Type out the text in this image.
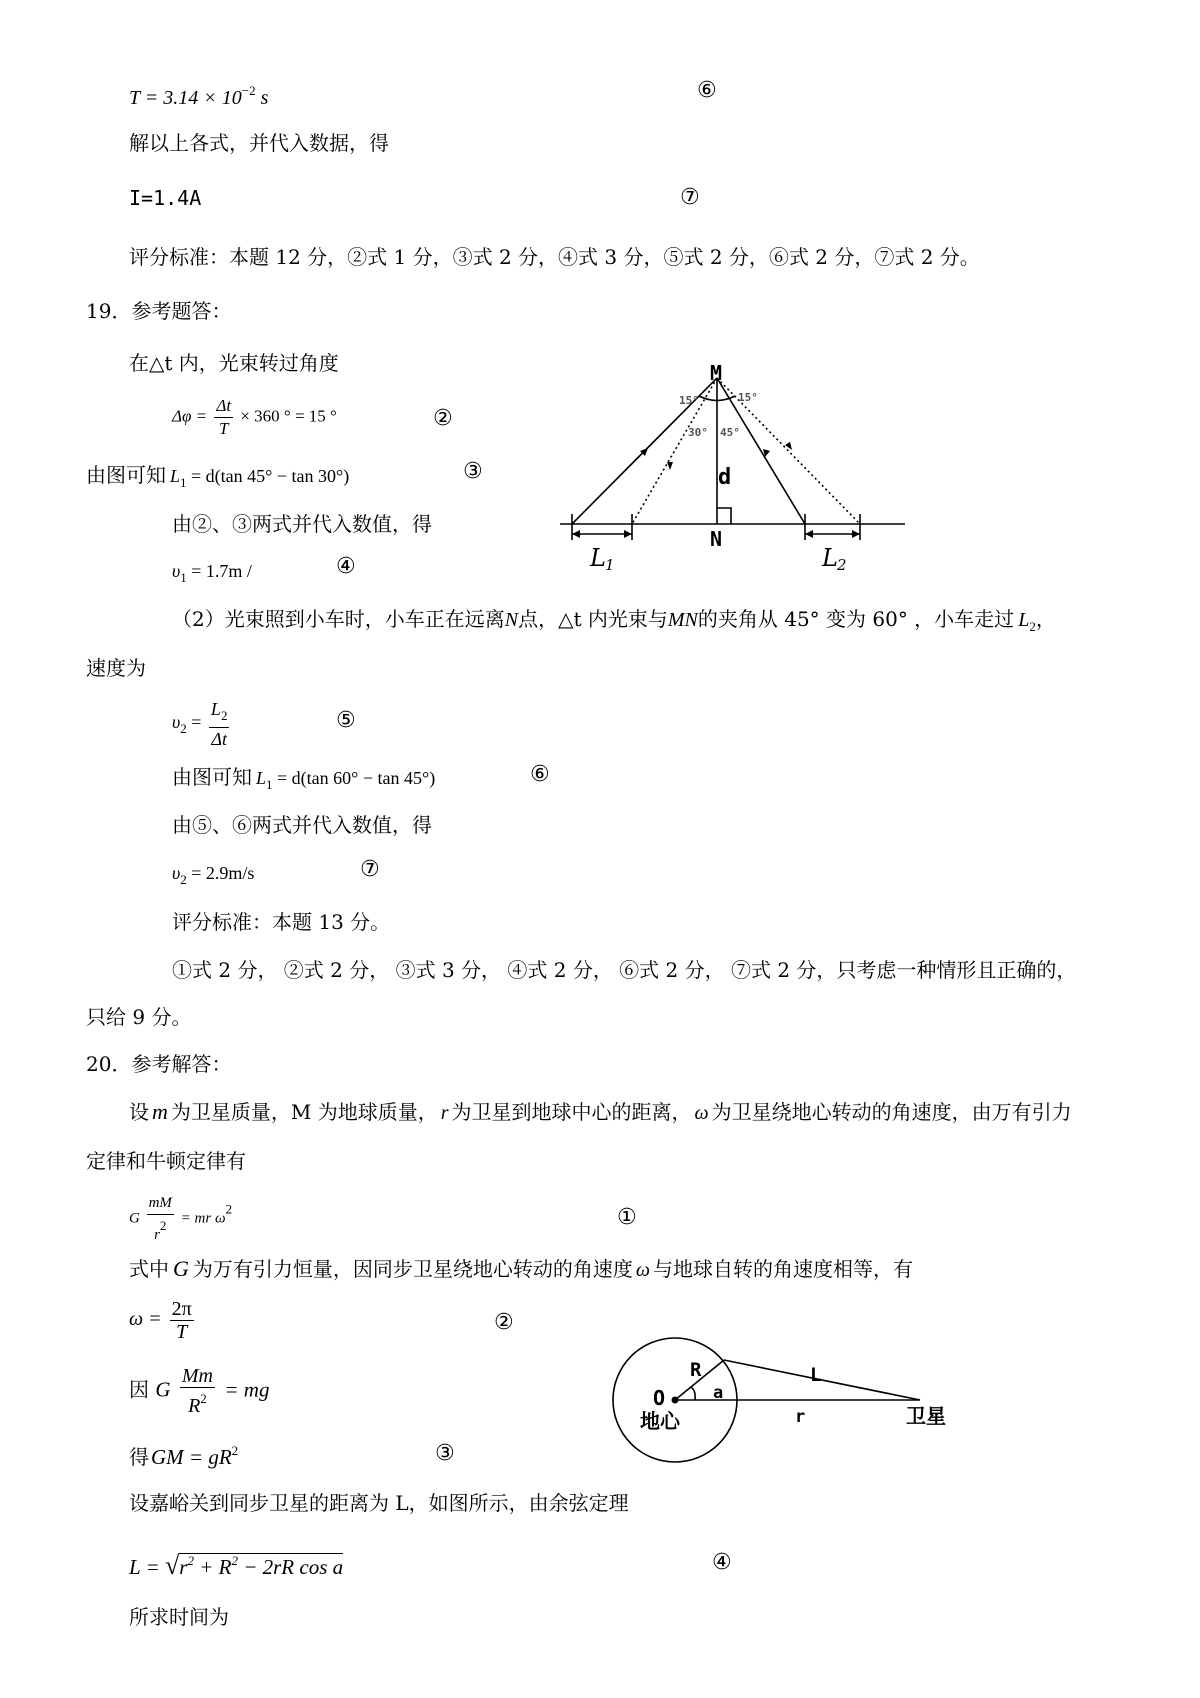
$T = 3.14 \times 10^{-2}$ s	⑥
解以上各式，并代入数据，得
I=1.4A	⑦
评分标准：本题 12 分，②式 1 分，③式 2 分，④式 3 分，⑤式 2 分，⑥式 2 分，⑦式 2 分。
19．参考题答：
在△t 内，光束转过角度
$\Delta\varphi = \frac{\Delta t}{T} \times 360$ ° = 15 °	②
由图可知 $L_1 = d(\tan$ 45° − tan 30°)	③
由②、③两式并代入数值，得
$\upsilon_1 = 1.7m$ /	④
（2）光束照到小车时，小车正在远离N点，△t 内光束与MN的夹角从 45° 变为 60° ，小车走过 $L_2$，
速度为
$\upsilon_2 = \frac{L_2}{\Delta t}$	⑤
由图可知 $L_1 = d(\tan$ 60° − tan 45°)	⑥
由⑤、⑥两式并代入数值，得
$\upsilon_2 = 2.9m/s$	⑦
评分标准：本题 13 分。
①式 2 分， ②式 2 分， ③式 3 分， ④式 2 分， ⑥式 2 分， ⑦式 2 分，只考虑一种情形且正确的，
只给 9 分。
M
N
d
15°	15°
30° 45°
L 1	L 2
20．参考解答：
设 m 为卫星质量，M 为地球质量， r 为卫星到地球中心的距离， ω 为卫星绕地心转动的角速度，由万有引力
定律和牛顿定律有
G $\frac{mM}{r^2}$ = mr $\omega^2$	①
式中 G 为万有引力恒量，因同步卫星绕地心转动的角速度 ω 与地球自转的角速度相等，有
$\omega = \frac{2\pi}{T}$	②
因 G $\frac{Mm}{R^2}$ = mg
得GM = $gR^2$	③
设嘉峪关到同步卫星的距离为 L，如图所示，由余弦定理
$L = √r^2 + R^2 - 2rR$ cos a	④
所求时间为
R
a
O
L
r
地心	卫星
